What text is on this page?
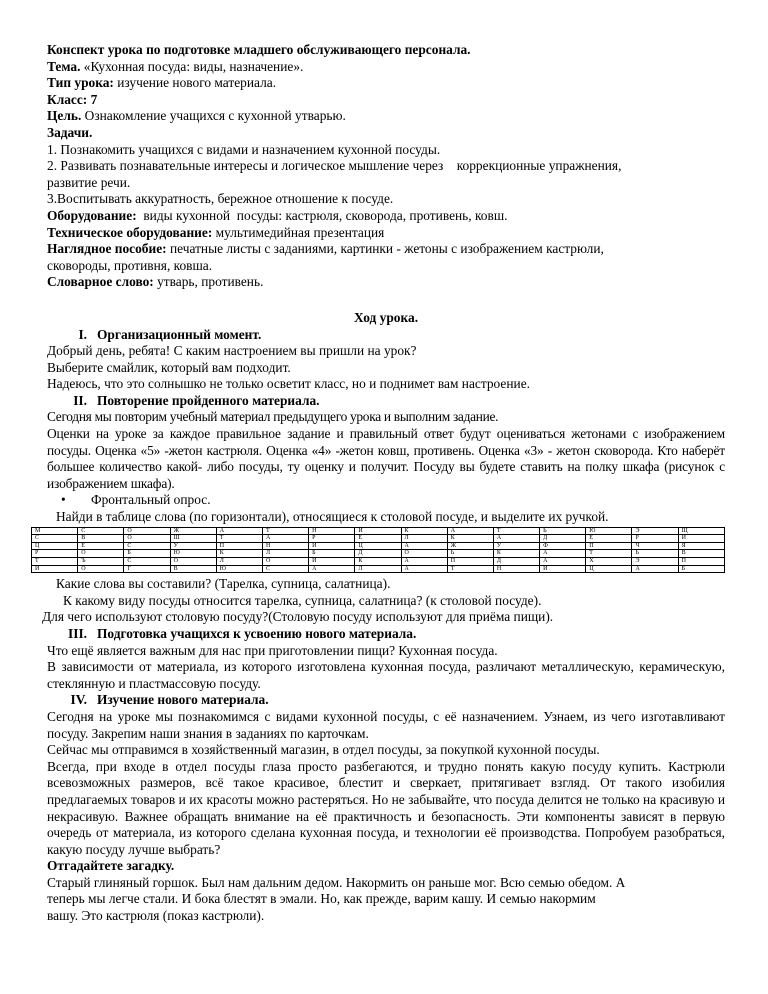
Конспект урока по подготовке младшего обслуживающего персонала.
Тема. «Кухонная посуда: виды, назначение».
Тип урока: изучение нового материала.
Класс: 7
Цель. Ознакомление учащихся с кухонной утварью.
Задачи.
1. Познакомить учащихся с видами и назначением кухонной посуды.
2. Развивать познавательные интересы и логическое мышление через    коррекционные упражнения,
развитие речи.
3.Воспитывать аккуратность, бережное отношение к посуде.
Оборудование:  виды кухонной  посуды: кастрюля, сковорода, противень, ковш.
Техническое оборудование: мультимедийная презентация
Наглядное пособие: печатные листы с заданиями, картинки - жетоны с изображением кастрюли,
сковороды, противня, ковша.
Словарное слово: утварь, противень.
Ход урока.
I. Организационный момент.
Добрый день, ребята! С каким настроением вы пришли на урок?
Выберите смайлик, который вам подходит.
Надеюсь, что это солнышко не только осветит класс, но и поднимет вам настроение.
II. Повторение пройденного материала.
Сегодня мы повторим учебный материал предыдущего урока и выполним задание.
Оценки на уроке за каждое правильное задание и правильный ответ будут оцениваться жетонами с изображением посуды. Оценка «5» -жетон кастрюля. Оценка «4» -жетон ковш, противень. Оценка «3» - жетон сковорода. Кто наберёт большее количество какой- либо посуды, ту оценку и получит. Посуду вы будете ставить на полку шкафа (рисунок с изображением шкафа).
• Фронтальный опрос.
Найди в таблице слова (по горизонтали), относящиеся к столовой посуде, и выделите их ручкой.
М	С	О	Ж	А	Т	Н	И	К	А	Т	Ь	Ю	Э	Щ
С	В	О	Ш	Т	А	Р	Е	Л	К	А	Д	Е	Р	И
Ц	Е	С	У	П	Н	И	Ц	А	Ж	У	Ф	П	Ч	Я
Р	О	Б	Ю	К	Л	Б	Д	О	Ь	К	А	Т	Ь	В
Т	Ъ	С	О	Л	О	И	К	А	П	Д	А	Х	Э	П
И	О	Г	В	Ю	С	А	Л	А	Т	Н	И	Ц	А	Б
Какие слова вы составили? (Тарелка, супница, салатница).
К какому виду посуды относится тарелка, супница, салатница? (к столовой посуде).
Для чего используют столовую посуду?(Столовую посуду используют для приёма пищи).
III. Подготовка учащихся к усвоению нового материала.
Что ещё является важным для нас при приготовлении пищи? Кухонная посуда.
В зависимости от материала, из которого изготовлена кухонная посуда, различают металлическую, керамическую, стеклянную и пластмассовую посуду.
IV. Изучение нового материала.
Сегодня на уроке мы познакомимся с видами кухонной посуды, с её назначением. Узнаем, из чего изготавливают посуду. Закрепим наши знания в заданиях по карточкам.
Сейчас мы отправимся в хозяйственный магазин, в отдел посуды, за покупкой кухонной посуды.
Всегда, при входе в отдел посуды глаза просто разбегаются, и трудно понять какую посуду купить. Кастрюли всевозможных размеров, всё такое красивое, блестит и сверкает, притягивает взгляд. От такого изобилия предлагаемых товаров и их красоты можно растеряться. Но не забывайте, что посуда делится не только на красивую и некрасивую. Важнее обращать внимание на её практичность и безопасность. Эти компоненты зависят в первую очередь от материала, из которого сделана кухонная посуда, и технологии её производства. Попробуем разобраться, какую посуду лучше выбрать?
Отгадайтете загадку.
Старый глиняный горшок. Был нам дальним дедом. Накормить он раньше мог. Всю семью обедом. А
теперь мы легче стали. И бока блестят в эмали. Но, как прежде, варим кашу. И семью накормим
вашу. Это кастрюля (показ кастрюли).
